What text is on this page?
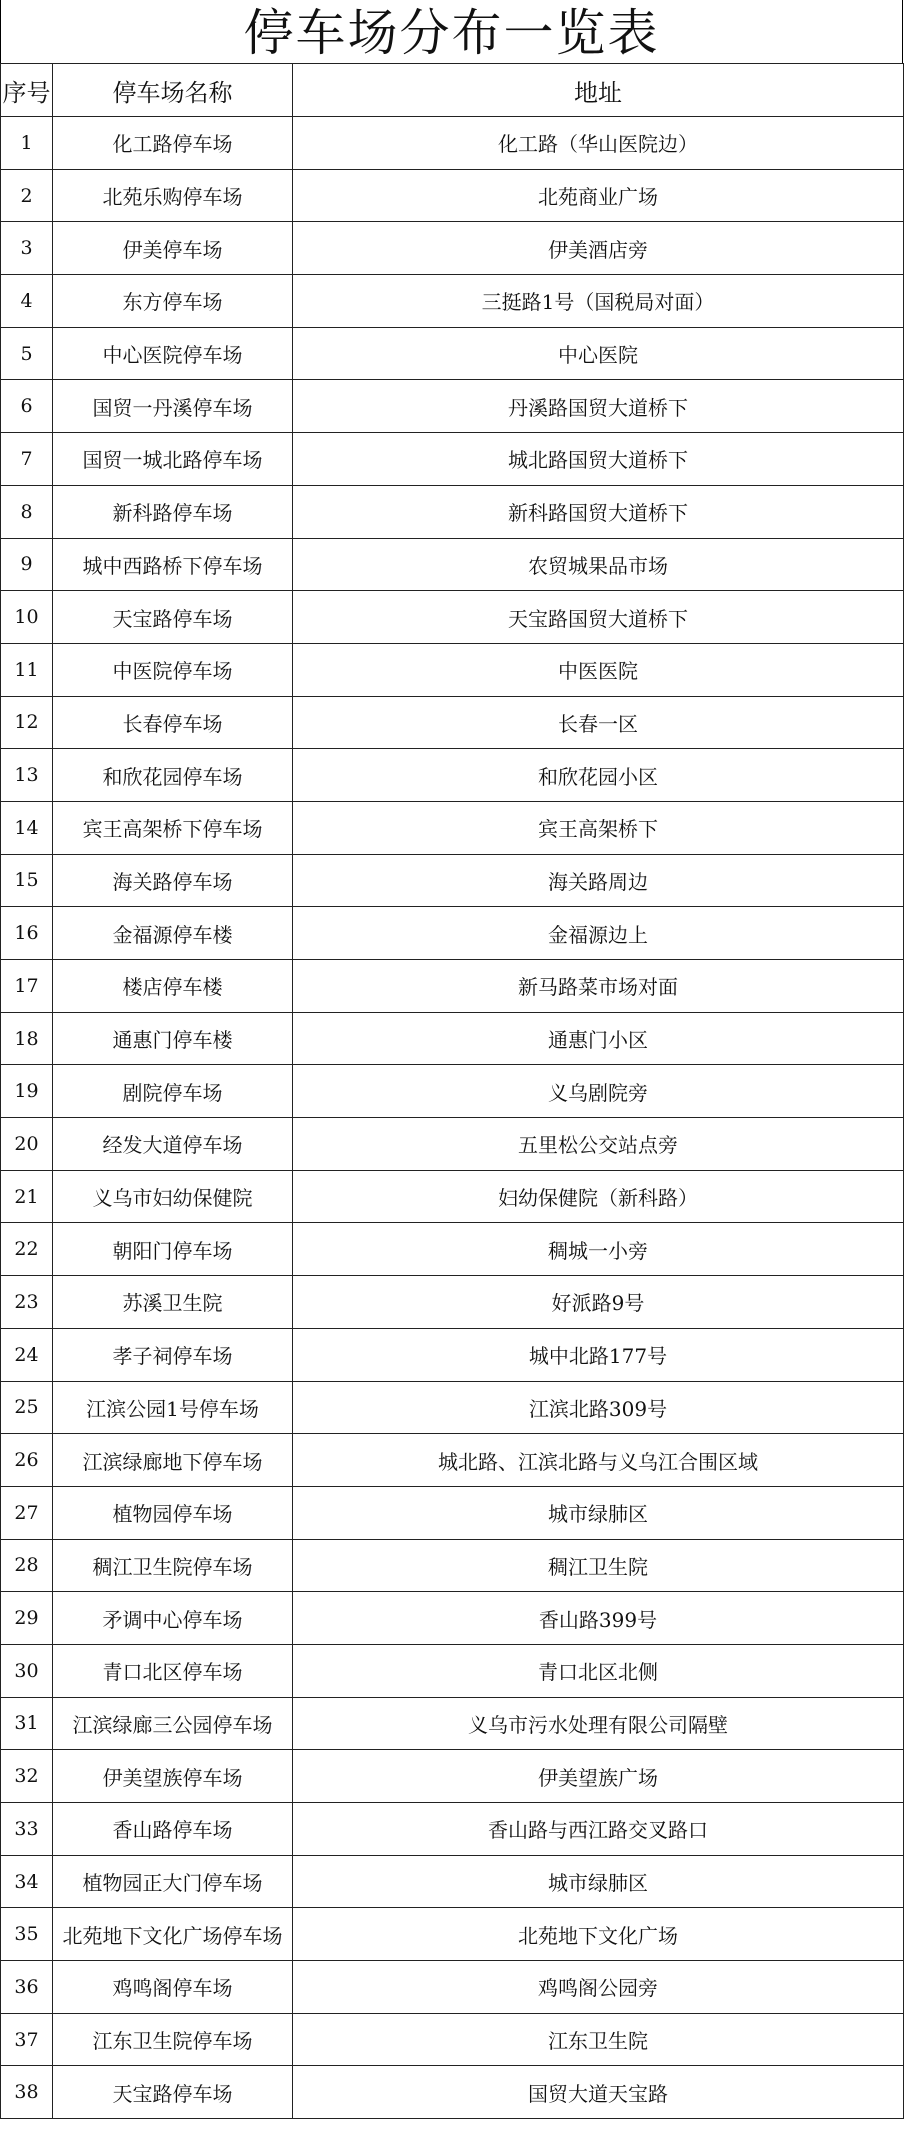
停车场分布一览表
序号	停车场名称	地址
1	化工路停车场	化工路（华山医院边）
2	北苑乐购停车场	北苑商业广场
3	伊美停车场	伊美酒店旁
4	东方停车场	三挺路1号（国税局对面）
5	中心医院停车场	中心医院
6	国贸一丹溪停车场	丹溪路国贸大道桥下
7	国贸一城北路停车场	城北路国贸大道桥下
8	新科路停车场	新科路国贸大道桥下
9	城中西路桥下停车场	农贸城果品市场
10	天宝路停车场	天宝路国贸大道桥下
11	中医院停车场	中医医院
12	长春停车场	长春一区
13	和欣花园停车场	和欣花园小区
14	宾王高架桥下停车场	宾王高架桥下
15	海关路停车场	海关路周边
16	金福源停车楼	金福源边上
17	楼店停车楼	新马路菜市场对面
18	通惠门停车楼	通惠门小区
19	剧院停车场	义乌剧院旁
20	经发大道停车场	五里松公交站点旁
21	义乌市妇幼保健院	妇幼保健院（新科路）
22	朝阳门停车场	稠城一小旁
23	苏溪卫生院	好派路9号
24	孝子祠停车场	城中北路177号
25	江滨公园1号停车场	江滨北路309号
26	江滨绿廊地下停车场	城北路、江滨北路与义乌江合围区域
27	植物园停车场	城市绿肺区
28	稠江卫生院停车场	稠江卫生院
29	矛调中心停车场	香山路399号
30	青口北区停车场	青口北区北侧
31	江滨绿廊三公园停车场	义乌市污水处理有限公司隔壁
32	伊美望族停车场	伊美望族广场
33	香山路停车场	香山路与西江路交叉路口
34	植物园正大门停车场	城市绿肺区
35	北苑地下文化广场停车场	北苑地下文化广场
36	鸡鸣阁停车场	鸡鸣阁公园旁
37	江东卫生院停车场	江东卫生院
38	天宝路停车场	国贸大道天宝路
